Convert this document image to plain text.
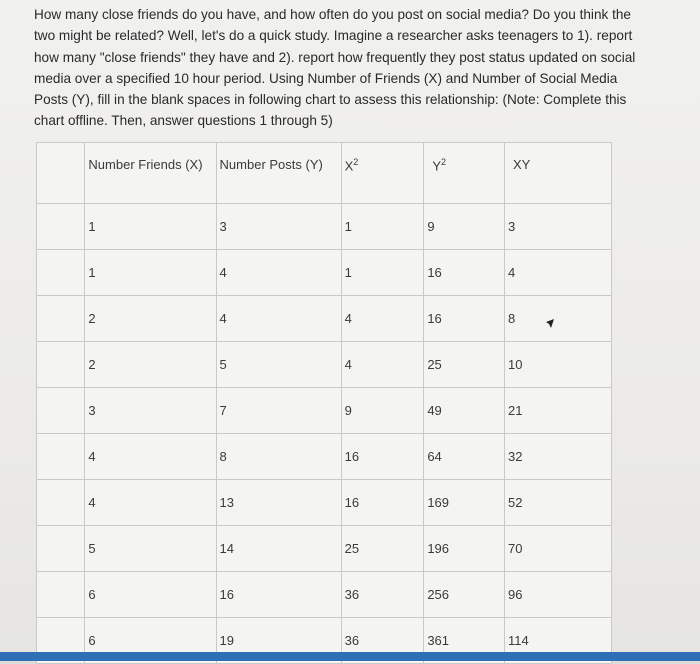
How many close friends do you have, and how often do you post on social media? Do you think the
two might be related? Well, let's do a quick study. Imagine a researcher asks teenagers to 1). report
how many "close friends" they have and 2). report how frequently they post status updated on social
media over a specified 10 hour period. Using Number of Friends (X) and Number of Social Media
Posts (Y), fill in the blank spaces in following chart to assess this relationship: (Note: Complete this
chart offline. Then, answer questions 1 through 5)

	Number Friends (X)	Number Posts (Y)	$X^2$	$Y^2$	XY
	1	3	1	9	3
	1	4	1	16	4
	2	4	4	16	8
	2	5	4	25	10
	3	7	9	49	21
	4	8	16	64	32
	4	13	16	169	52
	5	14	25	196	70
	6	16	36	256	96
	6	19	36	361	114
